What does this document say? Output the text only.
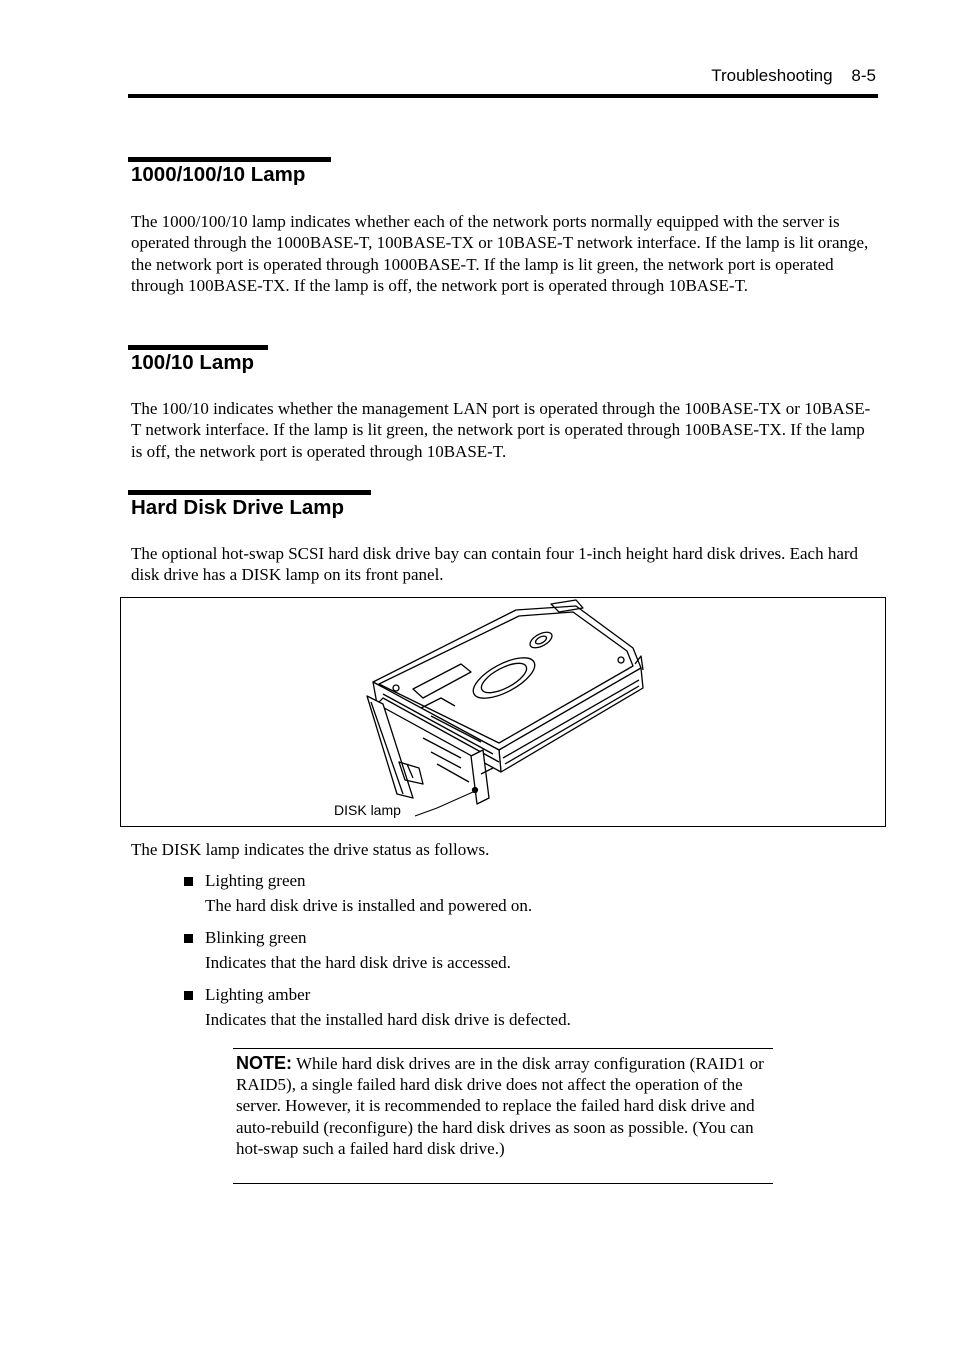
Troubleshooting    8-5
1000/100/10 Lamp
The 1000/100/10 lamp indicates whether each of the network ports normally equipped with the server is operated through the 1000BASE-T, 100BASE-TX or 10BASE-T network interface. If the lamp is lit orange, the network port is operated through 1000BASE-T. If the lamp is lit green, the network port is operated through 100BASE-TX. If the lamp is off, the network port is operated through 10BASE-T.
100/10 Lamp
The 100/10 indicates whether the management LAN port is operated through the 100BASE-TX or 10BASE-T network interface. If the lamp is lit green, the network port is operated through 100BASE-TX. If the lamp is off, the network port is operated through 10BASE-T.
Hard Disk Drive Lamp
The optional hot-swap SCSI hard disk drive bay can contain four 1-inch height hard disk drives. Each hard disk drive has a DISK lamp on its front panel.
DISK lamp
The DISK lamp indicates the drive status as follows.
Lighting green
The hard disk drive is installed and powered on.
Blinking green
Indicates that the hard disk drive is accessed.
Lighting amber
Indicates that the installed hard disk drive is defected.
NOTE: While hard disk drives are in the disk array configuration (RAID1 or RAID5), a single failed hard disk drive does not affect the operation of the server. However, it is recommended to replace the failed hard disk drive and auto-rebuild (reconfigure) the hard disk drives as soon as possible. (You can hot-swap such a failed hard disk drive.)
